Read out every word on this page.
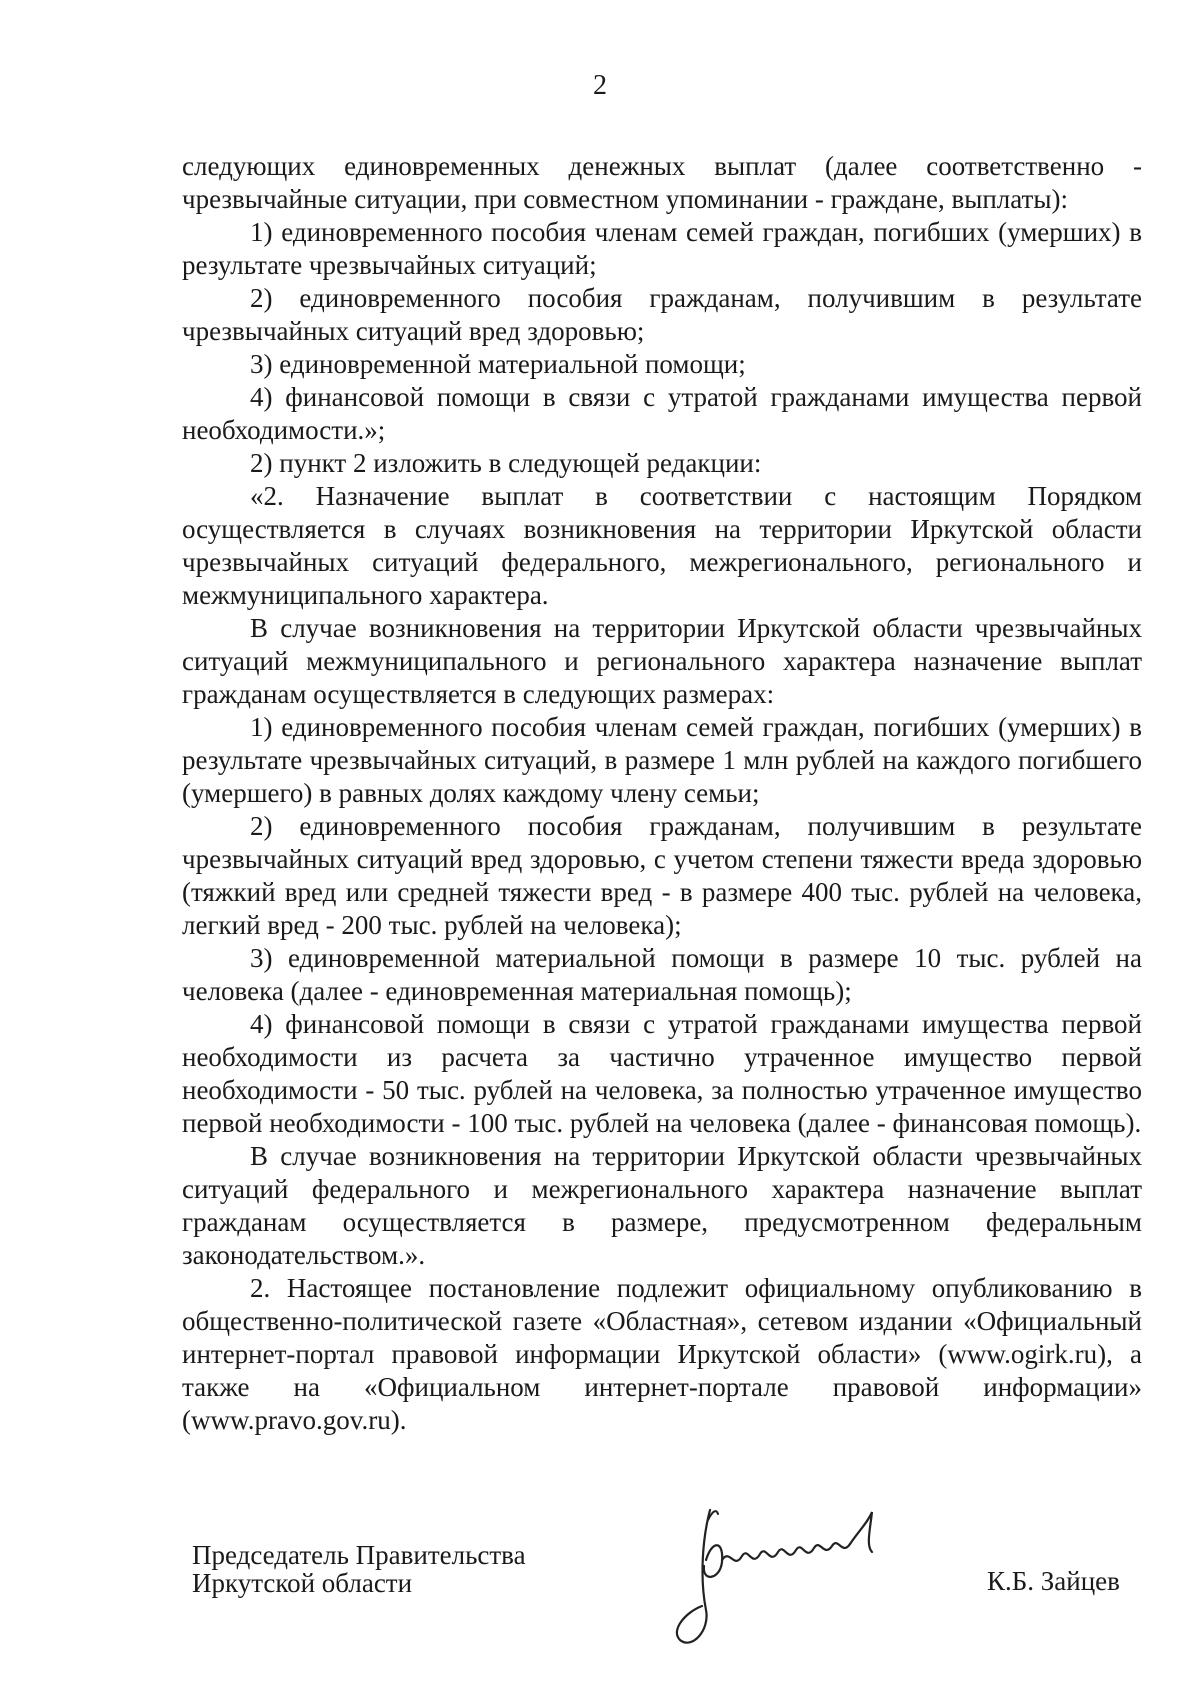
2

следующих единовременных денежных выплат (далее соответственно - чрезвычайные ситуации, при совместном упоминании - граждане, выплаты):

1) единовременного пособия членам семей граждан, погибших (умерших) в результате чрезвычайных ситуаций;

2) единовременного пособия гражданам, получившим в результате чрезвычайных ситуаций вред здоровью;

3) единовременной материальной помощи;

4) финансовой помощи в связи с утратой гражданами имущества первой необходимости.»;

2) пункт 2 изложить в следующей редакции:

«2. Назначение выплат в соответствии с настоящим Порядком осуществляется в случаях возникновения на территории Иркутской области чрезвычайных ситуаций федерального, межрегионального, регионального и межмуниципального характера.

В случае возникновения на территории Иркутской области чрезвычайных ситуаций межмуниципального и регионального характера назначение выплат гражданам осуществляется в следующих размерах:

1) единовременного пособия членам семей граждан, погибших (умерших) в результате чрезвычайных ситуаций, в размере 1 млн рублей на каждого погибшего (умершего) в равных долях каждому члену семьи;

2) единовременного пособия гражданам, получившим в результате чрезвычайных ситуаций вред здоровью, с учетом степени тяжести вреда здоровью (тяжкий вред или средней тяжести вред - в размере 400 тыс. рублей на человека, легкий вред - 200 тыс. рублей на человека);

3) единовременной материальной помощи в размере 10 тыс. рублей на человека (далее - единовременная материальная помощь);

4) финансовой помощи в связи с утратой гражданами имущества первой необходимости из расчета за частично утраченное имущество первой необходимости - 50 тыс. рублей на человека, за полностью утраченное имущество первой необходимости - 100 тыс. рублей на человека (далее - финансовая помощь).

В случае возникновения на территории Иркутской области чрезвычайных ситуаций федерального и межрегионального характера назначение выплат гражданам осуществляется в размере, предусмотренном федеральным законодательством.».

2. Настоящее постановление подлежит официальному опубликованию в общественно-политической газете «Областная», сетевом издании «Официальный интернет-портал правовой информации Иркутской области» (www.ogirk.ru), а также на «Официальном интернет-портале правовой информации» (www.pravo.gov.ru).

Председатель Правительства
Иркутской области	К.Б. Зайцев
